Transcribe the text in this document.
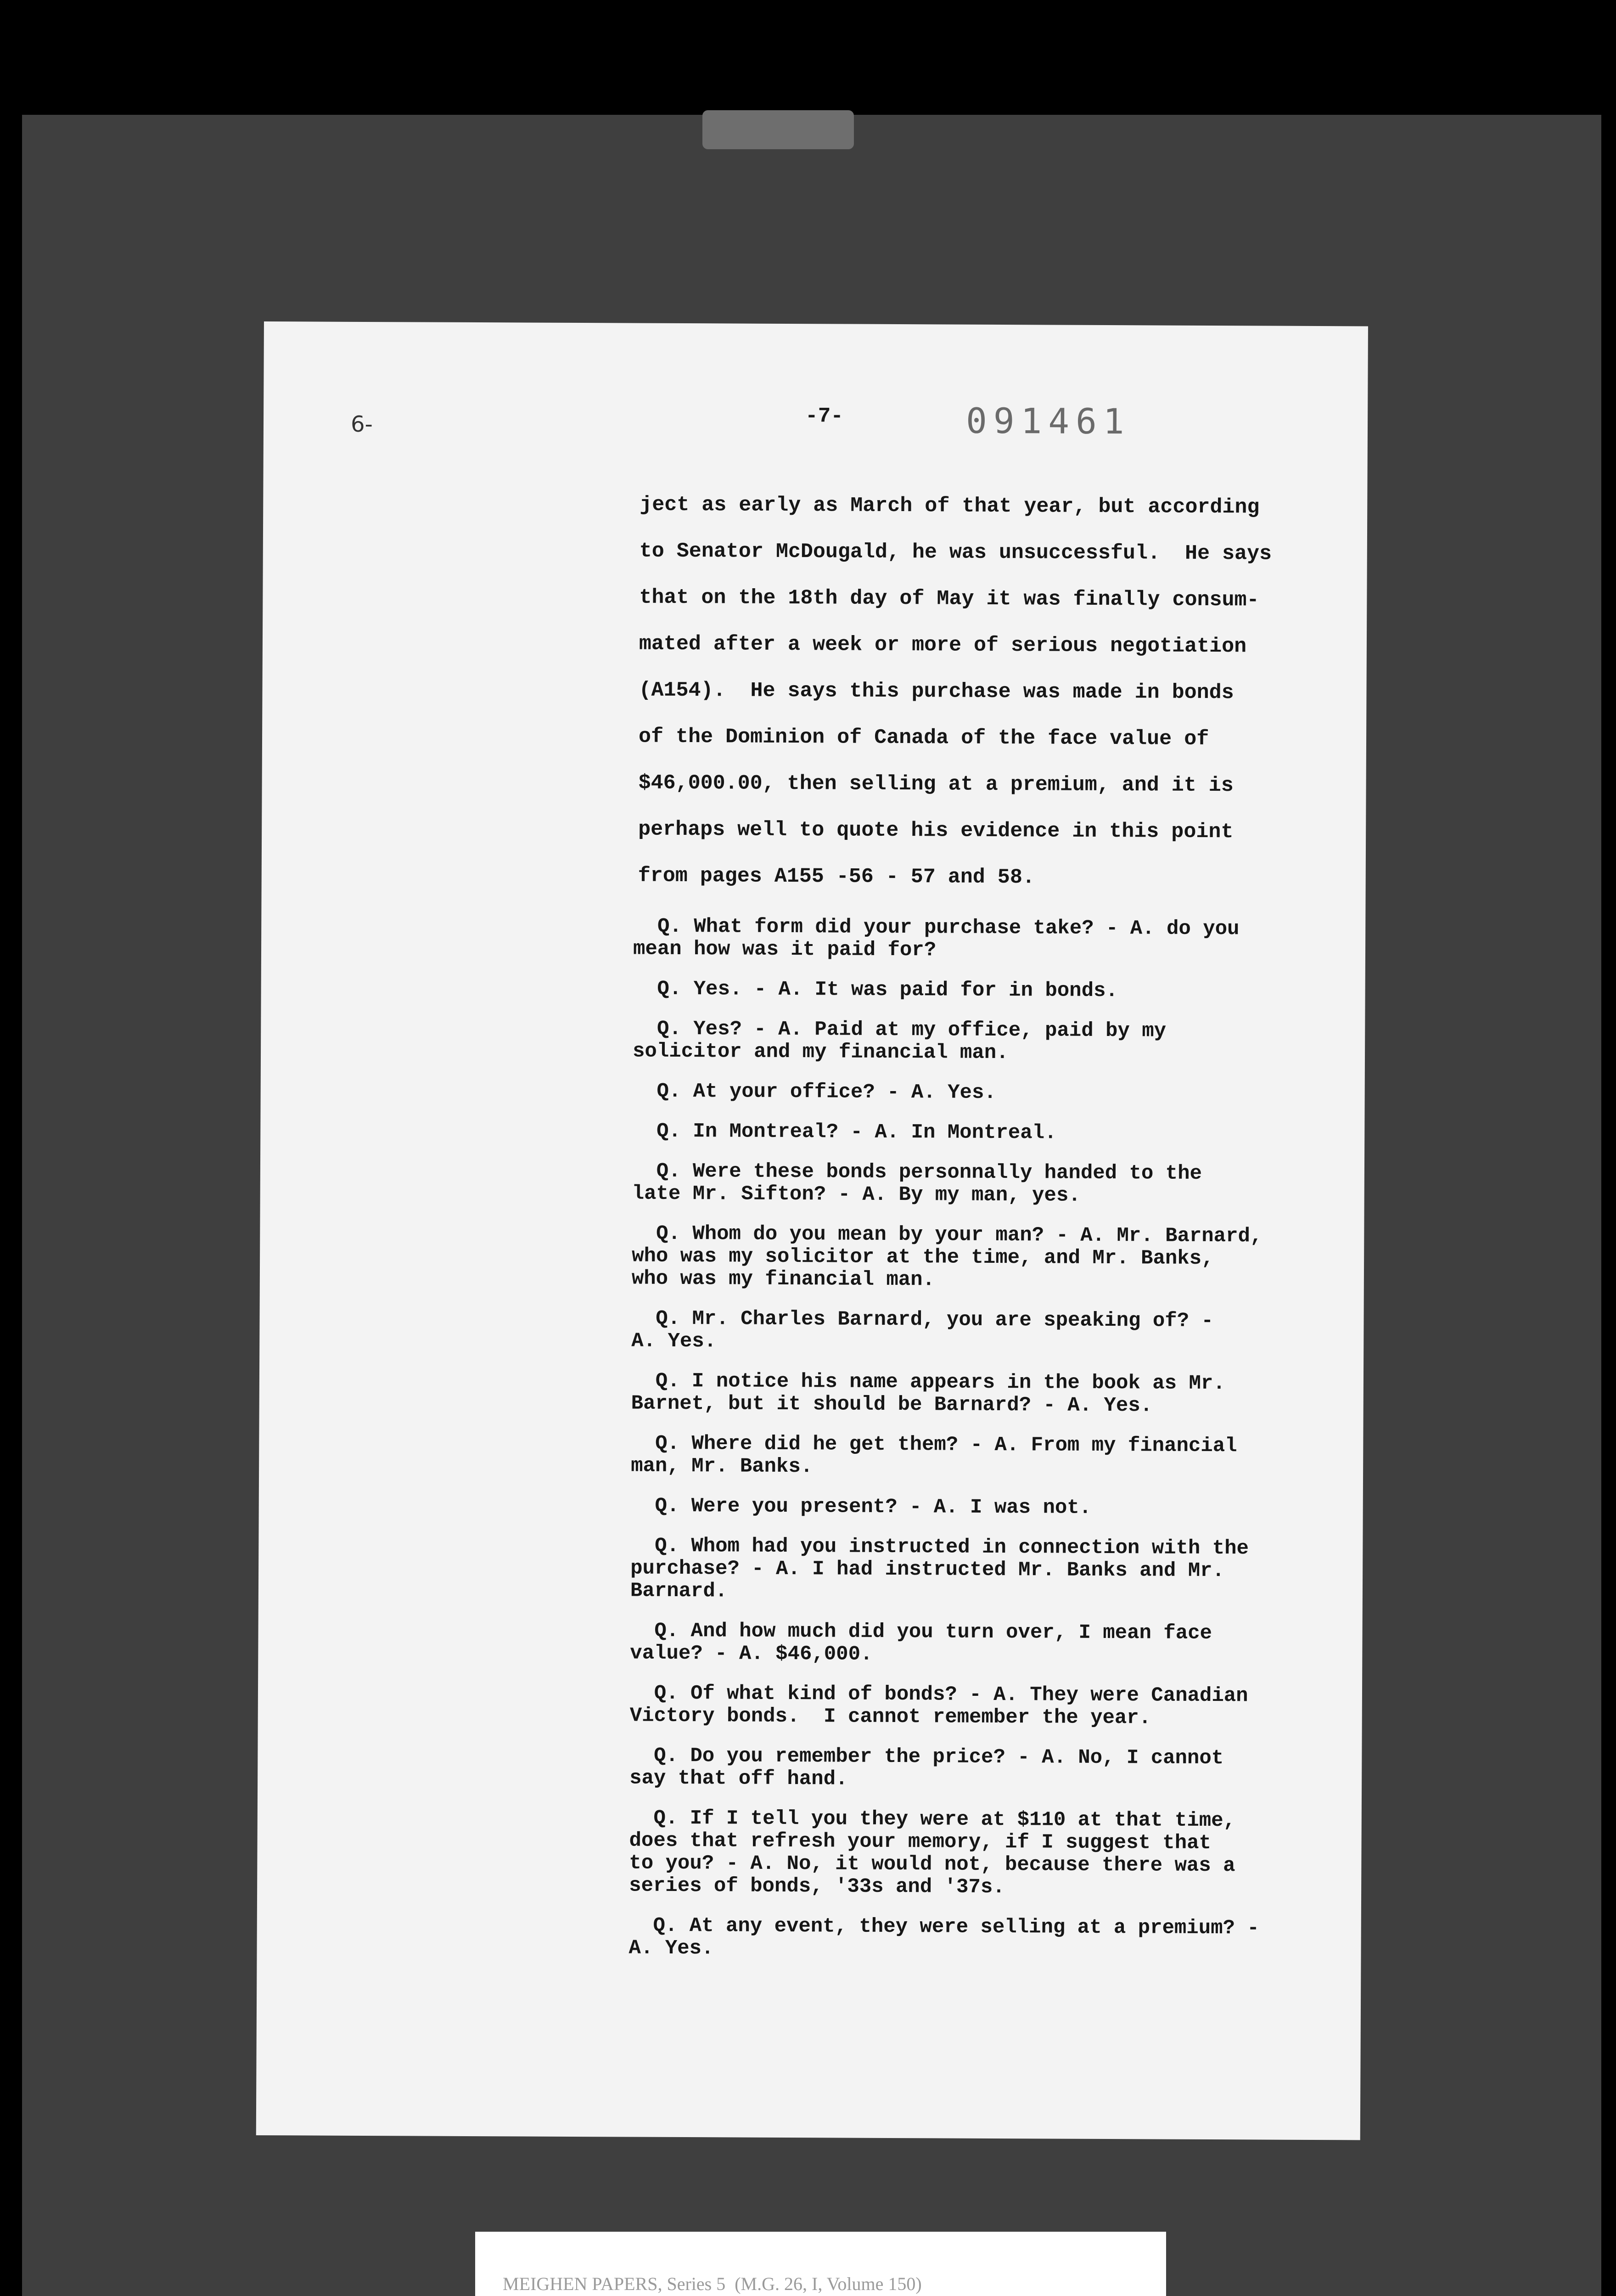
6-	-7-	091461
ject as early as March of that year, but according
to Senator McDougald, he was unsuccessful.  He says
that on the 18th day of May it was finally consum-
mated after a week or more of serious negotiation
(A154).  He says this purchase was made in bonds
of the Dominion of Canada of the face value of
$46,000.00, then selling at a premium, and it is
perhaps well to quote his evidence in this point
from pages A155 -56 - 57 and 58.
Q. What form did your purchase take? - A. do you
mean how was it paid for?
Q. Yes. - A. It was paid for in bonds.
Q. Yes? - A. Paid at my office, paid by my
solicitor and my financial man.
Q. At your office? - A. Yes.
Q. In Montreal? - A. In Montreal.
Q. Were these bonds personnally handed to the
late Mr. Sifton? - A. By my man, yes.
Q. Whom do you mean by your man? - A. Mr. Barnard,
who was my solicitor at the time, and Mr. Banks,
who was my financial man.
Q. Mr. Charles Barnard, you are speaking of? -
A. Yes.
Q. I notice his name appears in the book as Mr.
Barnet, but it should be Barnard? - A. Yes.
Q. Where did he get them? - A. From my financial
man, Mr. Banks.
Q. Were you present? - A. I was not.
Q. Whom had you instructed in connection with the
purchase? - A. I had instructed Mr. Banks and Mr.
Barnard.
Q. And how much did you turn over, I mean face
value? - A. $46,000.
Q. Of what kind of bonds? - A. They were Canadian
Victory bonds.  I cannot remember the year.
Q. Do you remember the price? - A. No, I cannot
say that off hand.
Q. If I tell you they were at $110 at that time,
does that refresh your memory, if I suggest that
to you? - A. No, it would not, because there was a
series of bonds, '33s and '37s.
Q. At any event, they were selling at a premium? -
A. Yes.
MEIGHEN PAPERS, Series 5  (M.G. 26, I, Volume 150)
